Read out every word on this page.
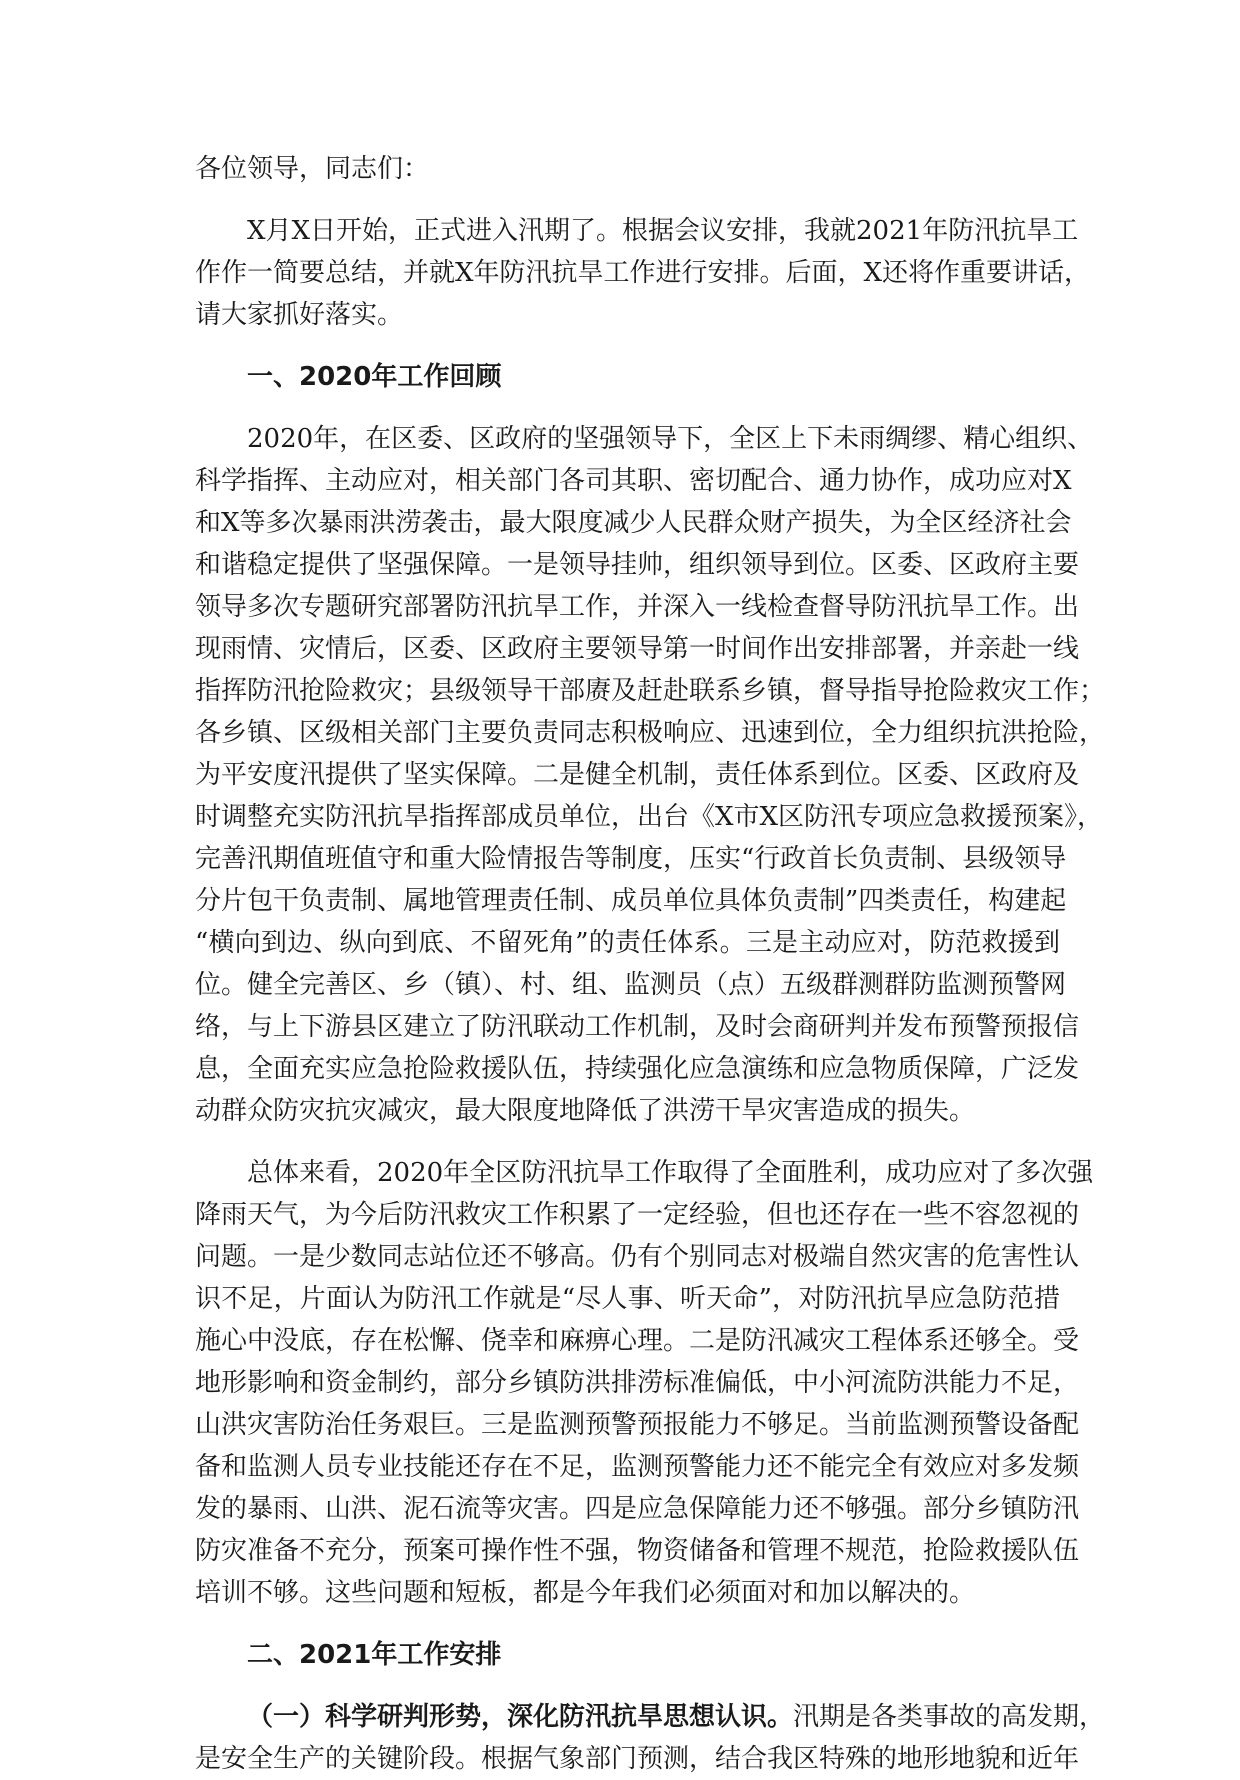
各位领导，同志们：
X月X日开始，正式进入汛期了。根据会议安排，我就2021年防汛抗旱工
作作一简要总结，并就X年防汛抗旱工作进行安排。后面，X还将作重要讲话，
请大家抓好落实。
一、2020年工作回顾
2020年，在区委、区政府的坚强领导下，全区上下未雨绸缪、精心组织、
科学指挥、主动应对，相关部门各司其职、密切配合、通力协作，成功应对X
和X等多次暴雨洪涝袭击，最大限度减少人民群众财产损失，为全区经济社会
和谐稳定提供了坚强保障。一是领导挂帅，组织领导到位。区委、区政府主要
领导多次专题研究部署防汛抗旱工作，并深入一线检查督导防汛抗旱工作。出
现雨情、灾情后，区委、区政府主要领导第一时间作出安排部署，并亲赴一线
指挥防汛抢险救灾；县级领导干部赓及赶赴联系乡镇，督导指导抢险救灾工作；
各乡镇、区级相关部门主要负责同志积极响应、迅速到位，全力组织抗洪抢险，
为平安度汛提供了坚实保障。二是健全机制，责任体系到位。区委、区政府及
时调整充实防汛抗旱指挥部成员单位，出台《X市X区防汛专项应急救援预案》，
完善汛期值班值守和重大险情报告等制度，压实“行政首长负责制、县级领导
分片包干负责制、属地管理责任制、成员单位具体负责制”四类责任，构建起
“横向到边、纵向到底、不留死角”的责任体系。三是主动应对，防范救援到
位。健全完善区、乡（镇）、村、组、监测员（点）五级群测群防监测预警网
络，与上下游县区建立了防汛联动工作机制，及时会商研判并发布预警预报信
息，全面充实应急抢险救援队伍，持续强化应急演练和应急物质保障，广泛发
动群众防灾抗灾减灾，最大限度地降低了洪涝干旱灾害造成的损失。
总体来看，2020年全区防汛抗旱工作取得了全面胜利，成功应对了多次强
降雨天气，为今后防汛救灾工作积累了一定经验，但也还存在一些不容忽视的
问题。一是少数同志站位还不够高。仍有个别同志对极端自然灾害的危害性认
识不足，片面认为防汛工作就是“尽人事、听天命”，对防汛抗旱应急防范措
施心中没底，存在松懈、侥幸和麻痹心理。二是防汛减灾工程体系还够全。受
地形影响和资金制约，部分乡镇防洪排涝标准偏低，中小河流防洪能力不足，
山洪灾害防治任务艰巨。三是监测预警预报能力不够足。当前监测预警设备配
备和监测人员专业技能还存在不足，监测预警能力还不能完全有效应对多发频
发的暴雨、山洪、泥石流等灾害。四是应急保障能力还不够强。部分乡镇防汛
防灾准备不充分，预案可操作性不强，物资储备和管理不规范，抢险救援队伍
培训不够。这些问题和短板，都是今年我们必须面对和加以解决的。
二、2021年工作安排
（一）科学研判形势，深化防汛抗旱思想认识。汛期是各类事故的高发期，
是安全生产的关键阶段。根据气象部门预测，结合我区特殊的地形地貌和近年
